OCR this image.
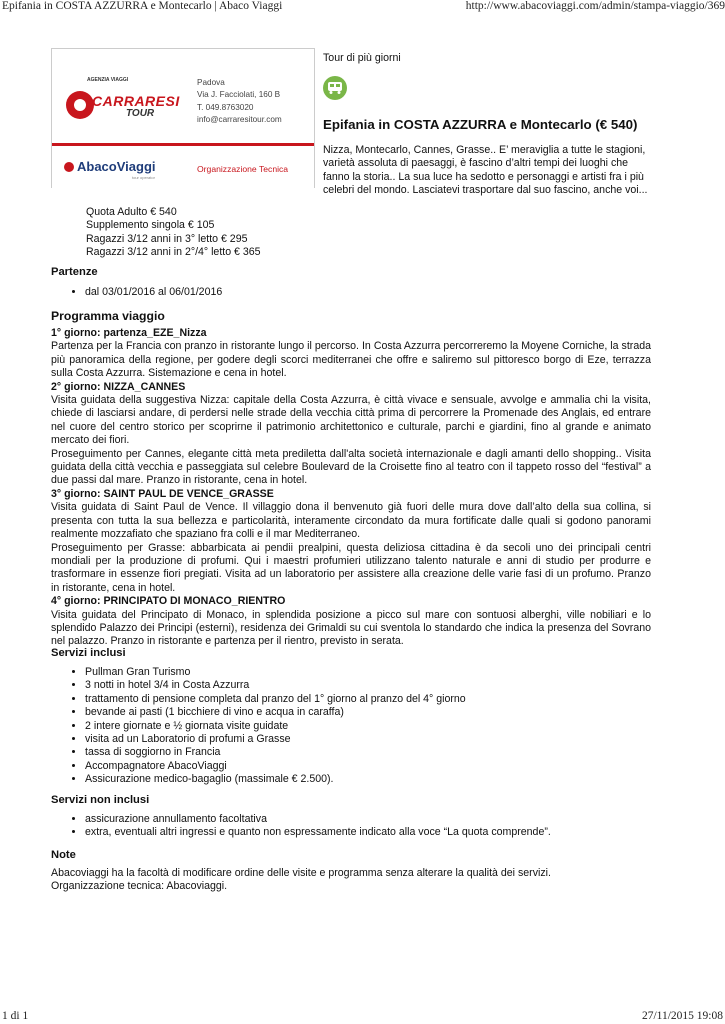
Epifania in COSTA AZZURRA e Montecarlo | Abaco Viaggi	http://www.abacoviaggi.com/admin/stampa-viaggio/369
1 di 1	27/11/2015 19:08
AGENZIA VIAGGI
CARRARESI
TOUR
Padova
Via J. Facciolati, 160 B
T. 049.8763020
info@carraresitour.com
AbacoViaggi
tour operator
Organizzazione Tecnica
Tour di più giorni
Epifania in COSTA AZZURRA e Montecarlo (€ 540)
Nizza, Montecarlo, Cannes, Grasse.. E’ meraviglia a tutte le stagioni, varietà assoluta di paesaggi, è fascino d’altri tempi dei luoghi che fanno la storia.. La sua luce ha sedotto e personaggi e artisti fra i più celebri del mondo. Lasciatevi trasportare dal suo fascino, anche voi...
Quota Adulto € 540
Supplemento singola € 105
Ragazzi 3/12 anni in 3° letto € 295
Ragazzi 3/12 anni in 2°/4° letto € 365
Partenze
• dal 03/01/2016 al 06/01/2016
Programma viaggio
1° giorno: partenza_EZE_Nizza

Partenza per la Francia con pranzo in ristorante lungo il percorso. In Costa Azzurra percorreremo la Moyene Corniche, la strada più panoramica della regione, per godere degli scorci mediterranei che offre e saliremo sul pittoresco borgo di Eze, terrazza sulla Costa Azzurra. Sistemazione e cena in hotel.

2° giorno: NIZZA_CANNES

Visita guidata della suggestiva Nizza: capitale della Costa Azzurra, è città vivace e sensuale, avvolge e ammalia chi la visita, chiede di lasciarsi andare, di perdersi nelle strade della vecchia città prima di percorrere la Promenade des Anglais, ed entrare nel cuore del centro storico per scoprirne il patrimonio architettonico e culturale, parchi e giardini, fino al grande e animato mercato dei fiori.

Proseguimento per Cannes, elegante città meta prediletta dall'alta società internazionale e dagli amanti dello shopping.. Visita guidata della città vecchia e passeggiata sul celebre Boulevard de la Croisette fino al teatro con il tappeto rosso del “festival” a due passi dal mare. Pranzo in ristorante, cena in hotel.

3° giorno: SAINT PAUL DE VENCE_GRASSE

Visita guidata di Saint Paul de Vence. Il villaggio dona il benvenuto già fuori delle mura dove dall’alto della sua collina, si presenta con tutta la sua bellezza e particolarità, interamente circondato da mura fortificate dalle quali si godono panorami realmente mozzafiato che spaziano fra colli e il mar Mediterraneo.

Proseguimento per Grasse: abbarbicata ai pendii prealpini, questa deliziosa cittadina è da secoli uno dei principali centri mondiali per la produzione di profumi. Qui i maestri profumieri utilizzano talento naturale e anni di studio per produrre e trasformare in essenze fiori pregiati. Visita ad un laboratorio per assistere alla creazione delle varie fasi di un profumo. Pranzo in ristorante, cena in hotel.

4° giorno: PRINCIPATO DI MONACO_RIENTRO

Visita guidata del Principato di Monaco, in splendida posizione a picco sul mare con sontuosi alberghi, ville nobiliari e lo splendido Palazzo dei Principi (esterni), residenza dei Grimaldi su cui sventola lo standardo che indica la presenza del Sovrano nel palazzo. Pranzo in ristorante e partenza per il rientro, previsto in serata.

Servizi inclusi
• Pullman Gran Turismo
• 3 notti in hotel 3/4 in Costa Azzurra
• trattamento di pensione completa dal pranzo del 1° giorno al pranzo del 4° giorno
• bevande ai pasti (1 bicchiere di vino e acqua in caraffa)
• 2 intere giornate e ½ giornata visite guidate
• visita ad un Laboratorio di profumi a Grasse
• tassa di soggiorno in Francia
• Accompagnatore AbacoViaggi
• Assicurazione medico-bagaglio (massimale € 2.500).
Servizi non inclusi
• assicurazione annullamento facoltativa
• extra, eventuali altri ingressi e quanto non espressamente indicato alla voce “La quota comprende”.
Note
Abacoviaggi ha la facoltà di modificare ordine delle visite e programma senza alterare la qualità dei servizi.
Organizzazione tecnica: Abacoviaggi.
